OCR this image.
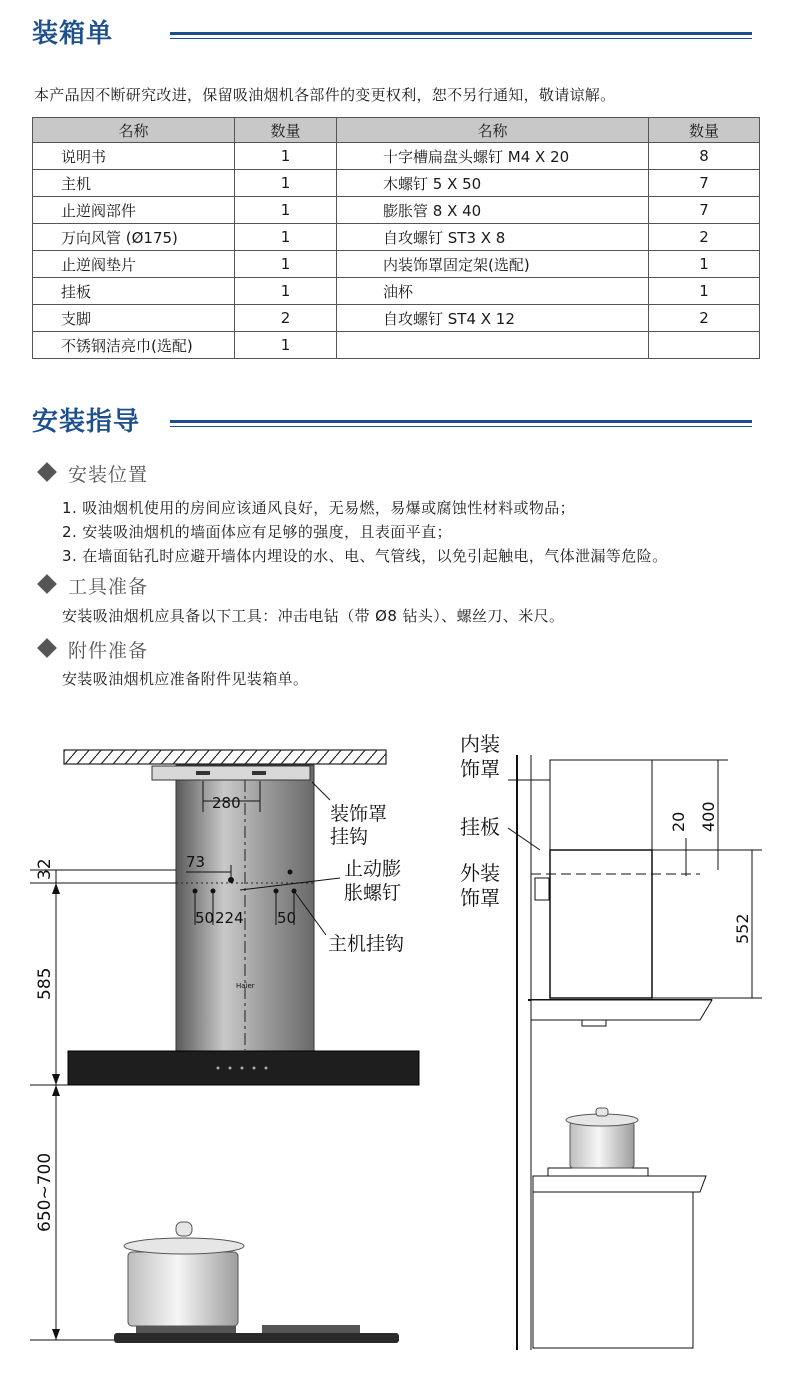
装箱单
本产品因不断研究改进，保留吸油烟机各部件的变更权利，恕不另行通知，敬请谅解。
名称	数量	名称	数量
说明书	1	十字槽扁盘头螺钉 M4 X 20	8
主机	1	木螺钉 5 X 50	7
止逆阀部件	1	膨胀管 8 X 40	7
万向风管 (Ø175)	1	自攻螺钉 ST3 X 8	2
止逆阀垫片	1	内装饰罩固定架(选配)	1
挂板	1	油杯	1
支脚	2	自攻螺钉 ST4 X 12	2
不锈钢洁亮巾(选配)	1		
安装指导
安装位置
1. 吸油烟机使用的房间应该通风良好，无易燃，易爆或腐蚀性材料或物品；
2. 安装吸油烟机的墙面体应有足够的强度，且表面平直；
3. 在墙面钻孔时应避开墙体内埋设的水、电、气管线，以免引起触电，气体泄漏等危险。
工具准备
安装吸油烟机应具备以下工具：冲击电钻（带 Ø8 钻头）、螺丝刀、米尺。
附件准备
安装吸油烟机应准备附件见装箱单。
280
73
50 224 50
Haier
装饰罩
挂钩
止动膨
胀螺钉
主机挂钩
32
585
650~700
400
20
552
内装
饰罩
挂板
外装
饰罩
